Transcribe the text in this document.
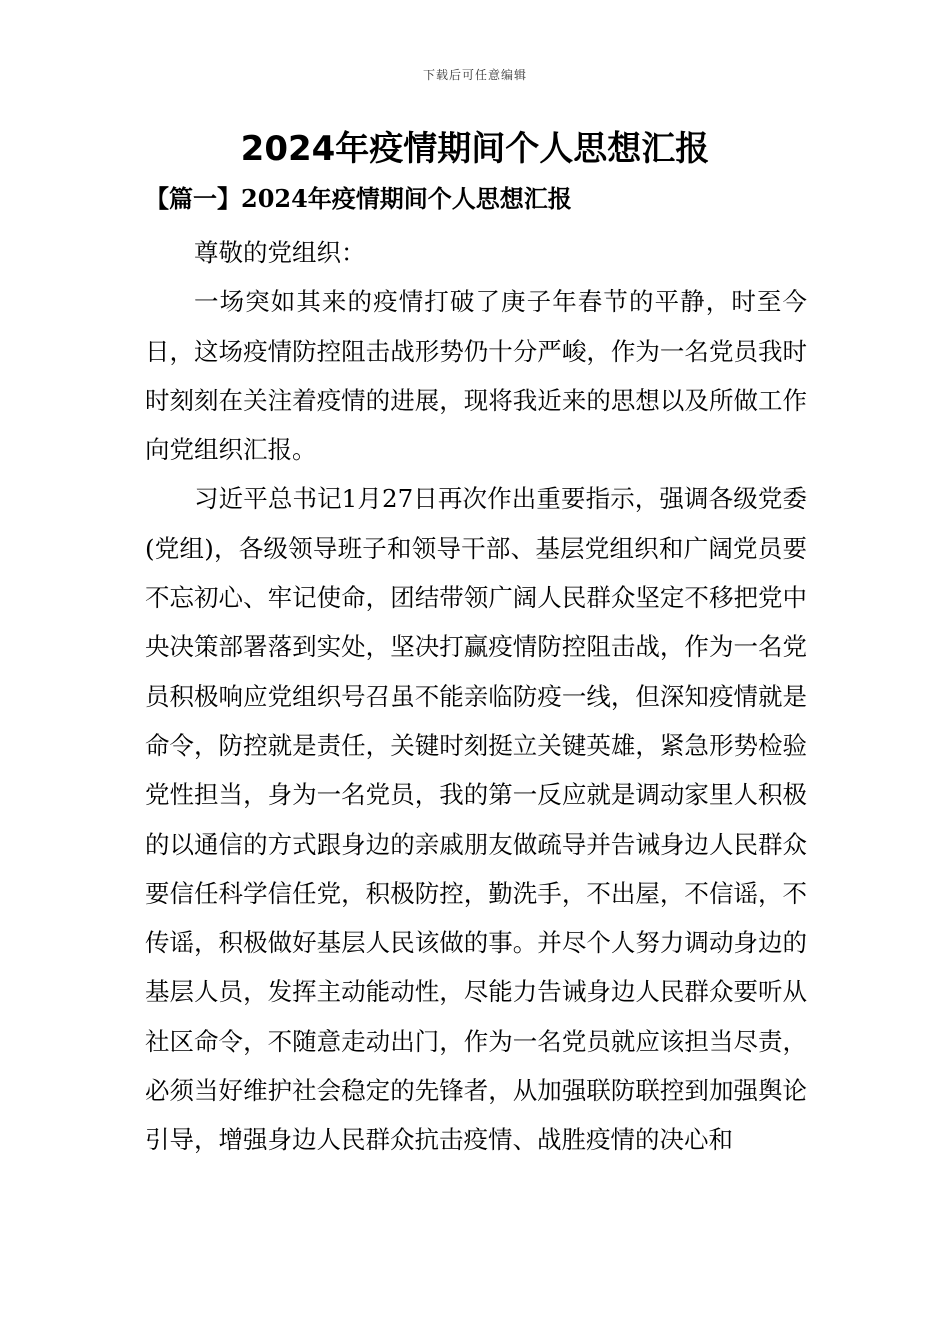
下载后可任意编辑
2024年疫情期间个人思想汇报
【篇一】2024年疫情期间个人思想汇报

尊敬的党组织：

一场突如其来的疫情打破了庚子年春节的平静，时至今日，这场疫情防控阻击战形势仍十分严峻，作为一名党员我时时刻刻在关注着疫情的进展，现将我近来的思想以及所做工作向党组织汇报。

习近平总书记1月27日再次作出重要指示，强调各级党委(党组)，各级领导班子和领导干部、基层党组织和广阔党员要不忘初心、牢记使命，团结带领广阔人民群众坚定不移把党中央决策部署落到实处，坚决打赢疫情防控阻击战，作为一名党员积极响应党组织号召虽不能亲临防疫一线，但深知疫情就是命令，防控就是责任，关键时刻挺立关键英雄，紧急形势检验党性担当，身为一名党员，我的第一反应就是调动家里人积极的以通信的方式跟身边的亲戚朋友做疏导并告诫身边人民群众要信任科学信任党，积极防控，勤洗手，不出屋，不信谣，不传谣，积极做好基层人民该做的事。并尽个人努力调动身边的基层人员，发挥主动能动性，尽能力告诫身边人民群众要听从社区命令，不随意走动出门，作为一名党员就应该担当尽责，必须当好维护社会稳定的先锋者，从加强联防联控到加强舆论引导，增强身边人民群众抗击疫情、战胜疫情的决心和
